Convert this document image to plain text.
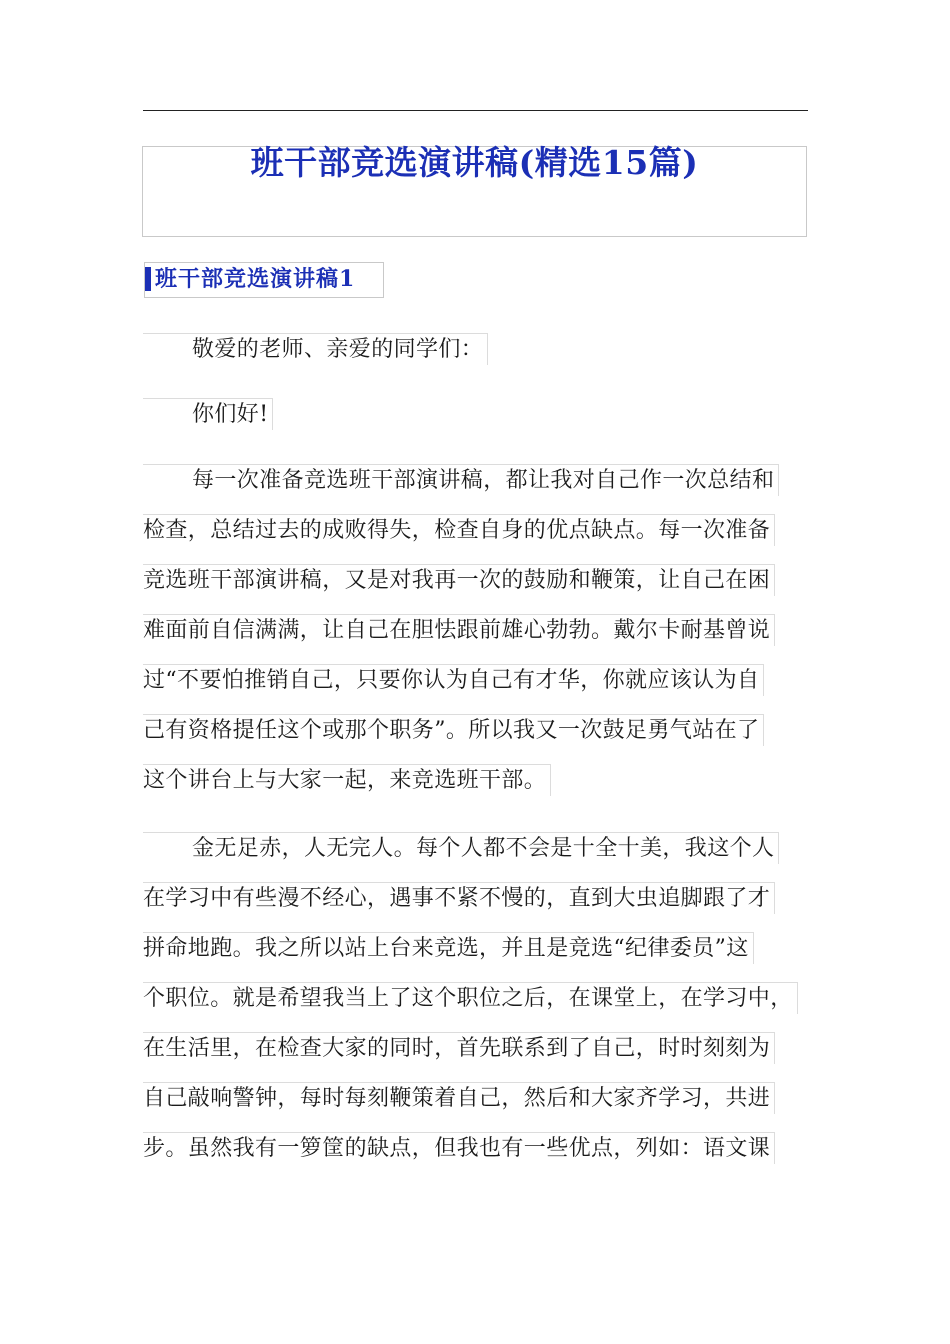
班干部竞选演讲稿(精选15篇)
班干部竞选演讲稿1
敬爱的老师、亲爱的同学们：
你们好!
每一次准备竞选班干部演讲稿，都让我对自己作一次总结和
检查，总结过去的成败得失，检查自身的优点缺点。每一次准备
竞选班干部演讲稿，又是对我再一次的鼓励和鞭策，让自己在困
难面前自信满满，让自己在胆怯跟前雄心勃勃。戴尔卡耐基曾说
过“不要怕推销自己，只要你认为自己有才华，你就应该认为自
己有资格提任这个或那个职务”。所以我又一次鼓足勇气站在了
这个讲台上与大家一起，来竞选班干部。
金无足赤，人无完人。每个人都不会是十全十美，我这个人
在学习中有些漫不经心，遇事不紧不慢的，直到大虫追脚跟了才
拼命地跑。我之所以站上台来竞选，并且是竞选“纪律委员”这
个职位。就是希望我当上了这个职位之后，在课堂上，在学习中，
在生活里，在检查大家的同时，首先联系到了自己，时时刻刻为
自己敲响警钟，每时每刻鞭策着自己，然后和大家齐学习，共进
步。虽然我有一箩筐的缺点，但我也有一些优点，列如：语文课
